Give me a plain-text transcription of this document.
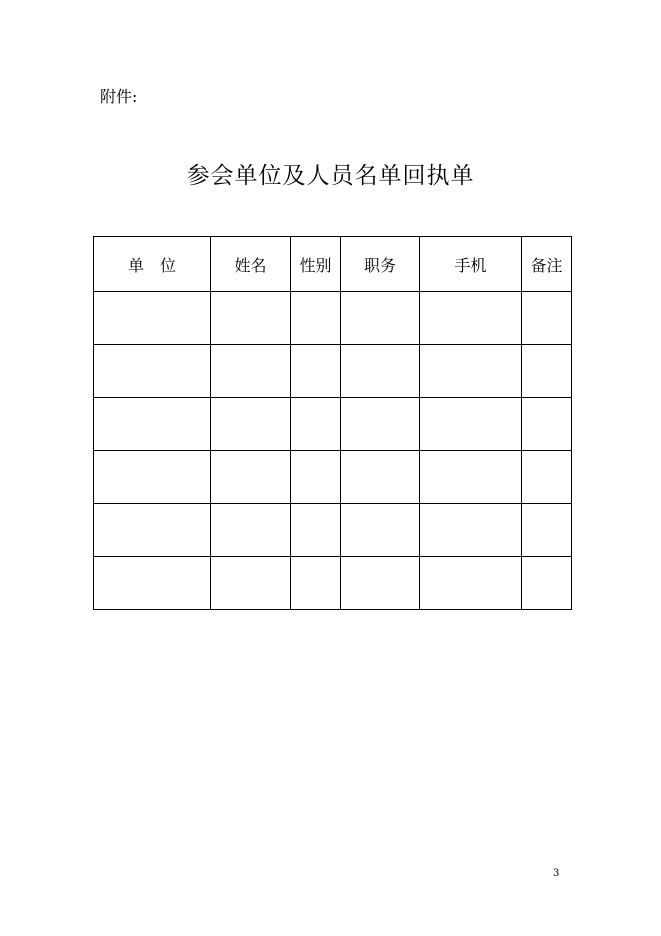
附件:
参会单位及人员名单回执单
单　位	姓名	性别	职务	手机	备注

3
